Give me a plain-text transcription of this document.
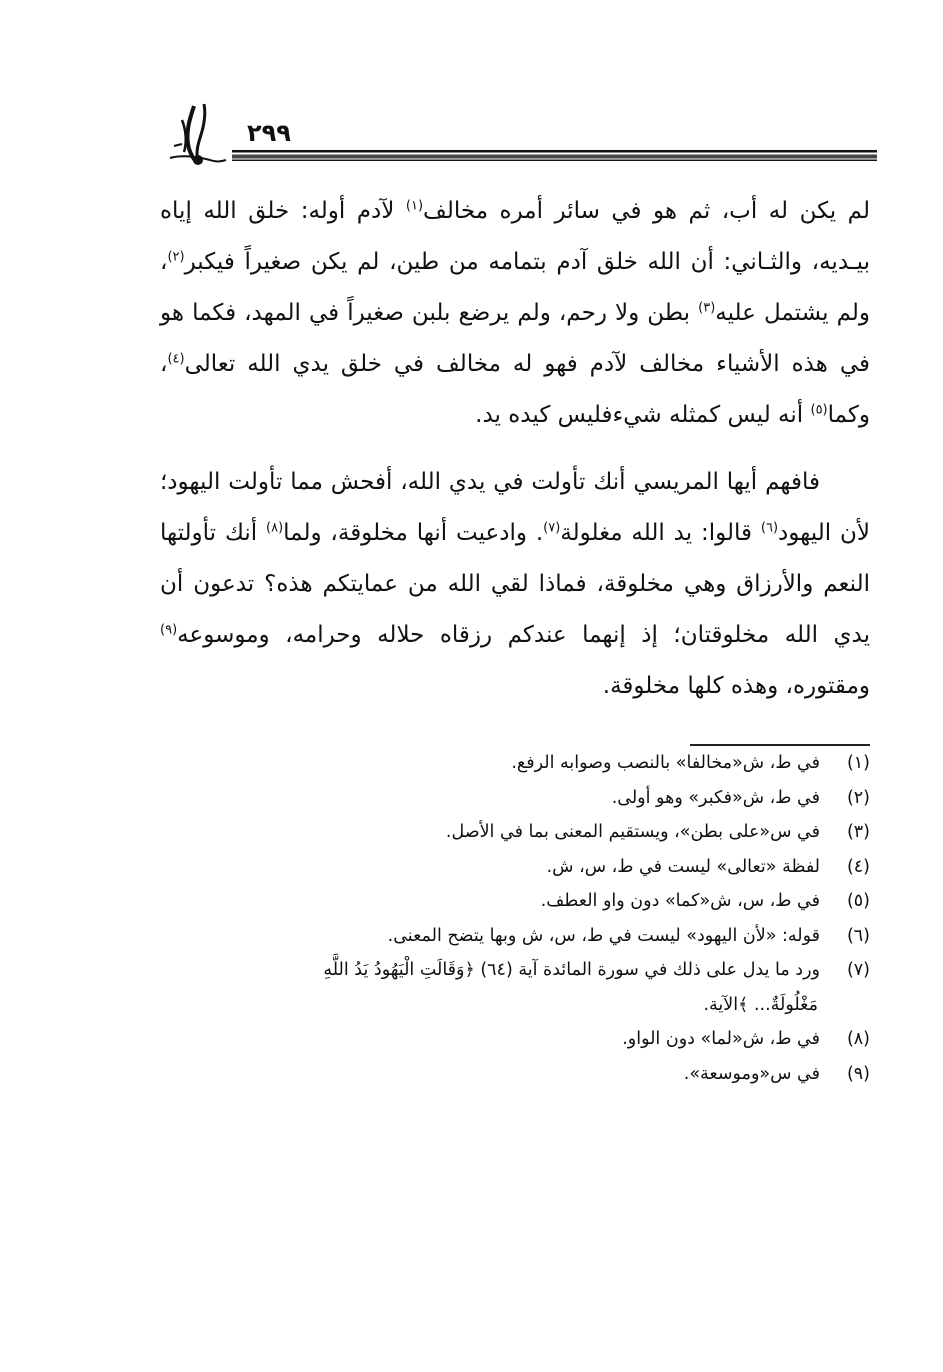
٢٩٩

لم يكن له أب، ثم هو في سائر أمره مخالف$^{(١)}$ لآدم أوله: خلق الله إياه بيـديه، والثـاني: أن الله خلق آدم بتمامه من طين، لم يكن صغيراً فيكبر$^{(٢)}$، ولم يشتمل عليه$^{(٣)}$ بطن ولا رحم، ولم يرضع بلبن صغيراً في المهد، فكما هو في هذه الأشياء مخالف لآدم فهو له مخالف في خلق يدي الله تعالى$^{(٤)}$، وكما$^{(٥)}$ أنه ليس كمثله شيءفليس كيده يد.

فافهم أيها المريسي أنك تأولت في يدي الله، أفحش مما تأولت اليهود؛ لأن اليهود$^{(٦)}$ قالوا: يد الله مغلولة$^{(٧)}$. وادعيت أنها مخلوقة، ولما$^{(٨)}$ أنك تأولتها النعم والأرزاق وهي مخلوقة، فماذا لقي الله من عمايتكم هذه؟ تدعون أن يدي الله مخلوقتان؛ إذ إنهما عندكم رزقاه حلاله وحرامه، وموسوعه$^{(٩)}$ ومقتوره، وهذه كلها مخلوقة.

(١)في ط، ش«مخالفا» بالنصب وصوابه الرفع.

(٢)في ط، ش«فكبر» وهو أولى.

(٣)في س«على بطن»، ويستقيم المعنى بما في الأصل.

(٤)لفظة «تعالى» ليست في ط، س، ش.

(٥)في ط، س، ش«كما» دون واو العطف.

(٦)قوله: «لأن اليهود» ليست في ط، س، ش وبها يتضح المعنى.

(٧)ورد ما يدل على ذلك في سورة المائدة آية (٦٤) ﴿وَقَالَتِ الْيَهُودُ يَدُ اللَّهِ

مَغْلُولَةٌ... ﴾الآية.

(٨)في ط، ش«لما» دون الواو.

(٩)في س«وموسعة».
